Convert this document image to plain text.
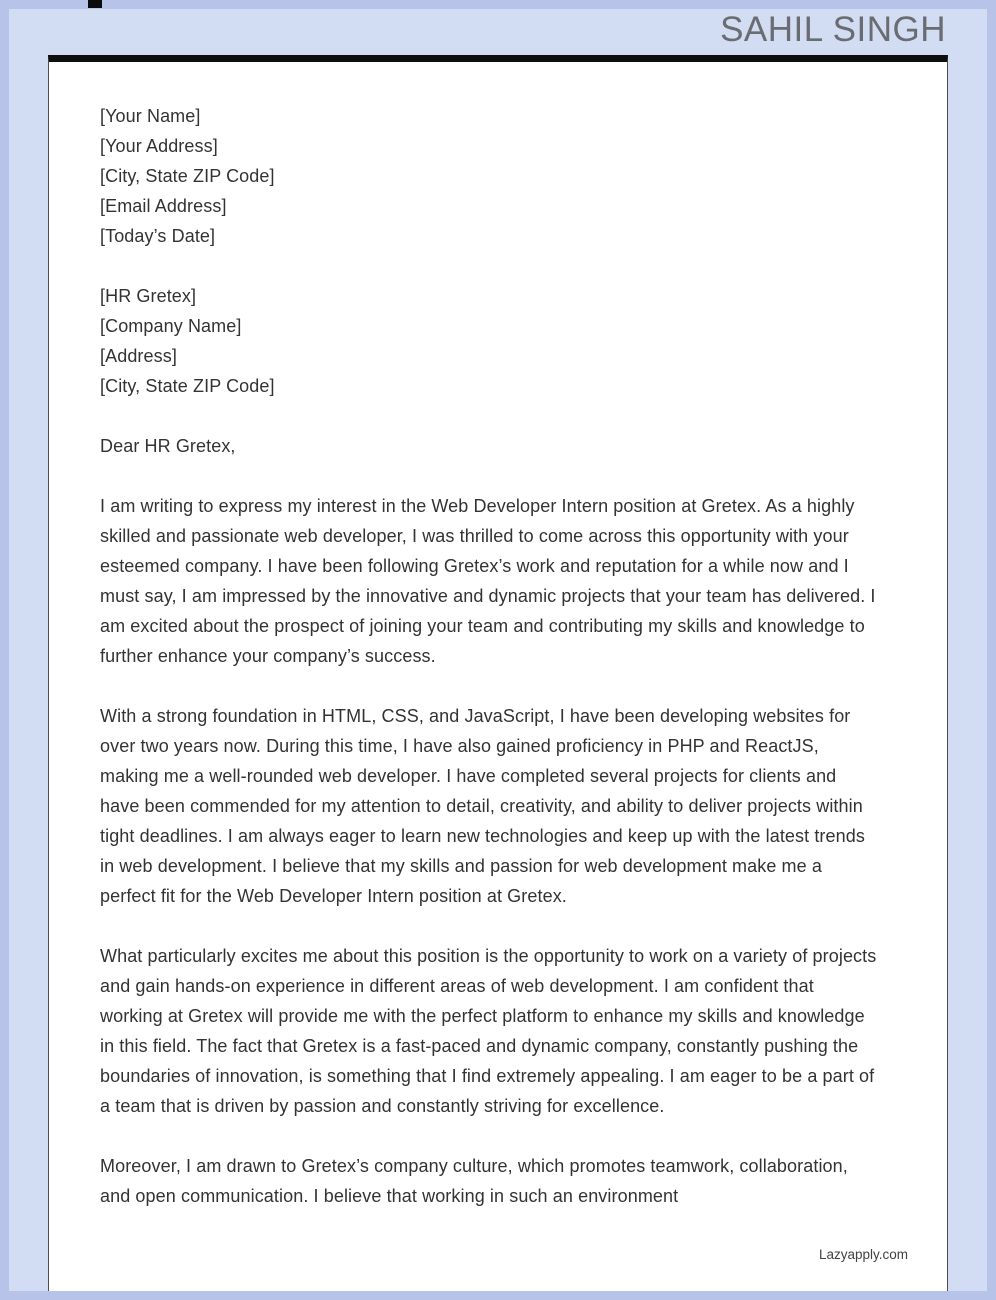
SAHIL SINGH
[Your Name]
[Your Address]
[City, State ZIP Code]
[Email Address]
[Today’s Date]
[HR Gretex]
[Company Name]
[Address]
[City, State ZIP Code]
Dear HR Gretex,

I am writing to express my interest in the Web Developer Intern position at Gretex. As a highly skilled and passionate web developer, I was thrilled to come across this opportunity with your esteemed company. I have been following Gretex’s work and reputation for a while now and I must say, I am impressed by the innovative and dynamic projects that your team has delivered. I am excited about the prospect of joining your team and contributing my skills and knowledge to further enhance your company’s success.

With a strong foundation in HTML, CSS, and JavaScript, I have been developing websites for over two years now. During this time, I have also gained proficiency in PHP and ReactJS, making me a well-rounded web developer. I have completed several projects for clients and have been commended for my attention to detail, creativity, and ability to deliver projects within tight deadlines. I am always eager to learn new technologies and keep up with the latest trends in web development. I believe that my skills and passion for web development make me a perfect fit for the Web Developer Intern position at Gretex.

What particularly excites me about this position is the opportunity to work on a variety of projects and gain hands-on experience in different areas of web development. I am confident that working at Gretex will provide me with the perfect platform to enhance my skills and knowledge in this field. The fact that Gretex is a fast-paced and dynamic company, constantly pushing the boundaries of innovation, is something that I find extremely appealing. I am eager to be a part of a team that is driven by passion and constantly striving for excellence.

Moreover, I am drawn to Gretex’s company culture, which promotes teamwork, collaboration, and open communication. I believe that working in such an environment

Lazyapply.com
